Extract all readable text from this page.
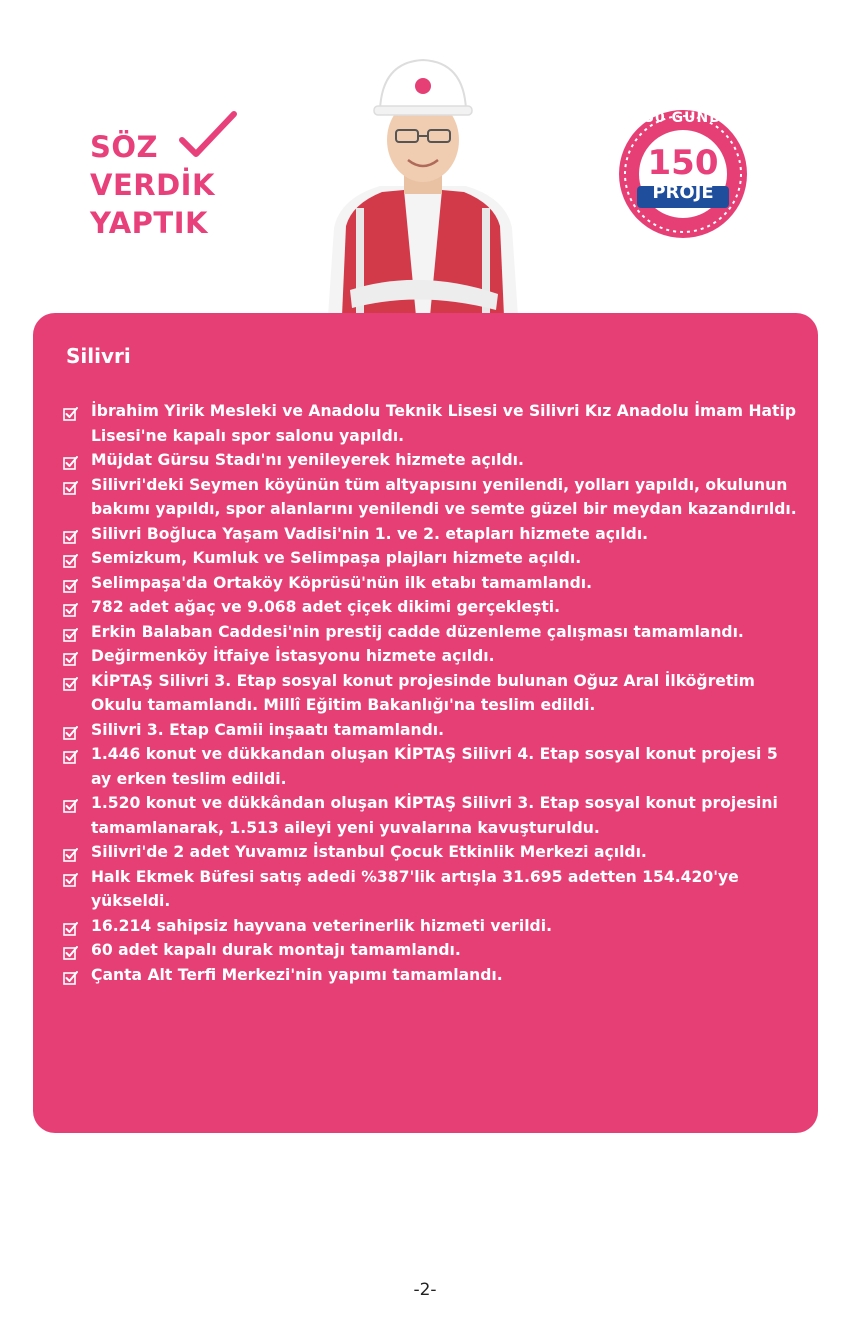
SÖZ
VERDİK
YAPTIK
150 GÜNDE
150
PROJE
Silivri
İbrahim Yirik Mesleki ve Anadolu Teknik Lisesi ve Silivri Kız Anadolu İmam Hatip Lisesi'ne kapalı spor salonu yapıldı.
Müjdat Gürsu Stadı'nı yenileyerek hizmete açıldı.
Silivri'deki Seymen köyünün tüm altyapısını yenilendi, yolları yapıldı, okulunun bakımı yapıldı, spor alanlarını yenilendi ve semte güzel bir meydan kazandırıldı.
Silivri Boğluca Yaşam Vadisi'nin 1. ve 2. etapları hizmete açıldı.
Semizkum, Kumluk ve Selimpaşa plajları hizmete açıldı.
Selimpaşa'da Ortaköy Köprüsü'nün ilk etabı tamamlandı.
782 adet ağaç ve 9.068 adet çiçek dikimi gerçekleşti.
Erkin Balaban Caddesi'nin prestij cadde düzenleme çalışması tamamlandı.
Değirmenköy İtfaiye İstasyonu hizmete açıldı.
KİPTAŞ Silivri 3. Etap sosyal konut projesinde bulunan Oğuz Aral İlköğretim Okulu tamamlandı. Millî Eğitim Bakanlığı'na teslim edildi.
Silivri 3. Etap Camii inşaatı tamamlandı.
1.446 konut ve dükkandan oluşan KİPTAŞ Silivri 4. Etap sosyal konut projesi 5 ay erken teslim edildi.
1.520 konut ve dükkândan oluşan KİPTAŞ Silivri 3. Etap sosyal konut projesini tamamlanarak, 1.513 aileyi yeni yuvalarına kavuşturuldu.
Silivri'de 2 adet Yuvamız İstanbul Çocuk Etkinlik Merkezi açıldı.
Halk Ekmek Büfesi satış adedi %387'lik artışla 31.695 adetten 154.420'ye yükseldi.
16.214 sahipsiz hayvana veterinerlik hizmeti verildi.
60 adet kapalı durak montajı tamamlandı.
Çanta Alt Terfi Merkezi'nin yapımı tamamlandı.
-2-
